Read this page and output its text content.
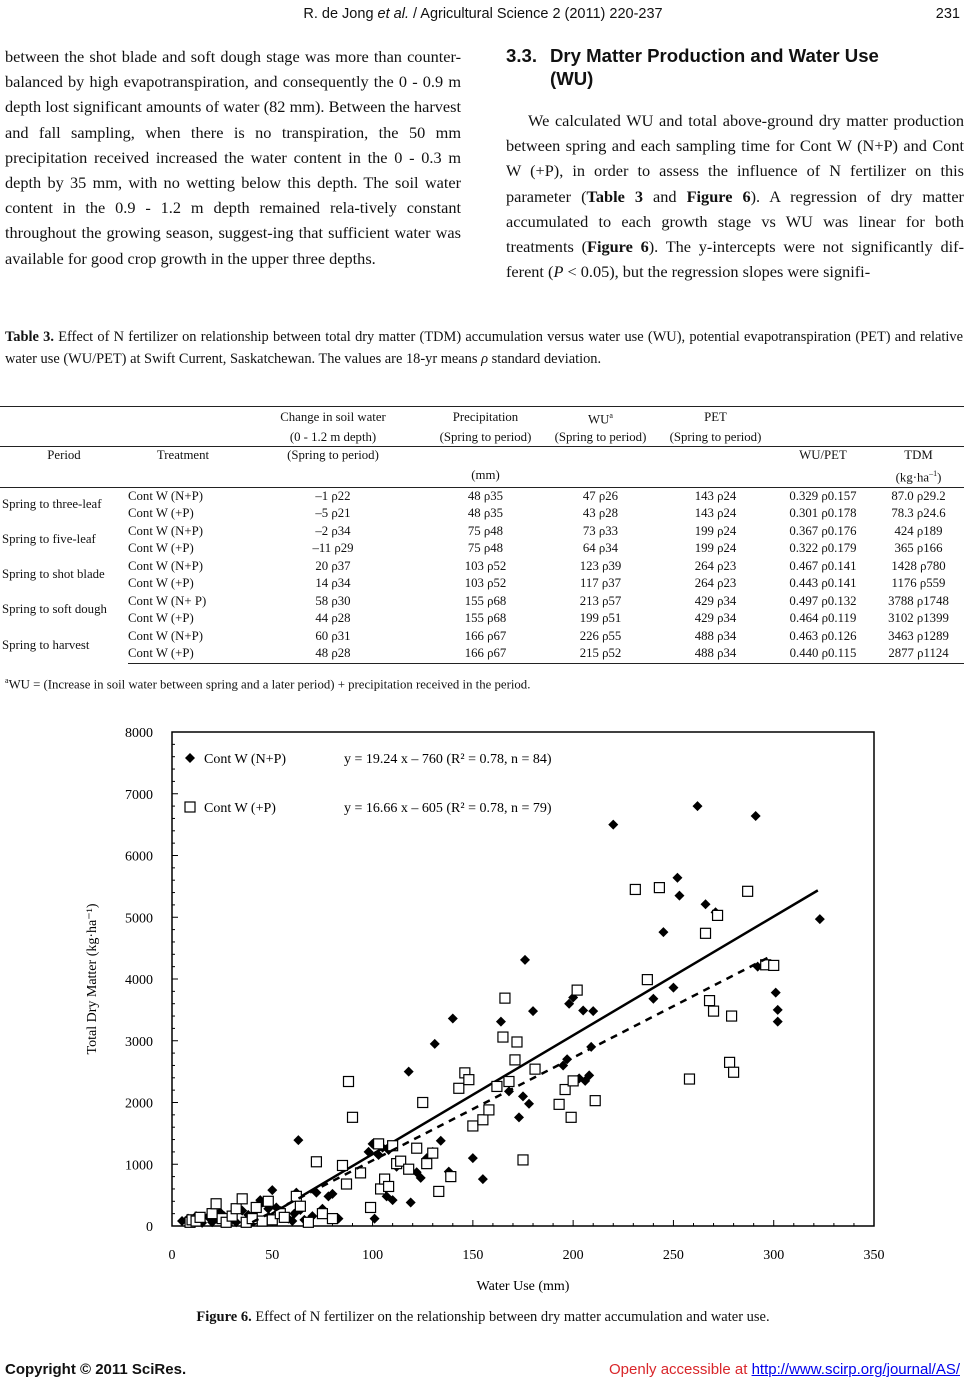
R. de Jong et al. / Agricultural Science 2 (2011) 220-237	231

between the shot blade and soft dough stage was more than counter-balanced by high evapotranspiration, and consequently the 0 - 0.9 m depth lost significant amounts of water (82 mm). Between the harvest and fall sampling, when there is no transpiration, the 50 mm precipitation received increased the water content in the 0 - 0.3 m depth by 35 mm, with no wetting below this depth. The soil water content in the 0.9 - 1.2 m depth remained rela-tively constant throughout the growing season, suggest-ing that sufficient water was available for good crop growth in the upper three depths.

3.3. Dry Matter Production and Water Use
(WU)

We calculated WU and total above-ground dry matter production between spring and each sampling time for Cont W (N+P) and Cont W (+P), in order to assess the influence of N fertilizer on this parameter (Table 3 and Figure 6). A regression of dry matter accumulated to each growth stage vs WU was linear for both treatments (Figure 6). The y-intercepts were not significantly dif-ferent (P < 0.05), but the regression slopes were signifi-

Table 3. Effect of N fertilizer on relationship between total dry matter (TDM) accumulation versus water use (WU), potential evapotranspiration (PET) and relative water use (WU/PET) at Swift Current, Saskatchewan. The values are 18-yr means ρ standard deviation.
		Change in soil water	Precipitation	$WU^a$	PET		
		(0 - 1.2 m depth)	(Spring to period)	(Spring to period)	(Spring to period)		
Period	Treatment	(Spring to period)				WU/PET	TDM
			(mm)				$(kg\cdot ha^{-1})$
Spring to three-leaf	Cont W (N+P)	–1 ρ22	48 ρ35	47 ρ26	143 ρ24	0.329 ρ0.157	87.0 ρ29.2
	Cont W (+P)	–5 ρ21	48 ρ35	43 ρ28	143 ρ24	0.301 ρ0.178	78.3 ρ24.6
Spring to five-leaf	Cont W (N+P)	–2 ρ34	75 ρ48	73 ρ33	199 ρ24	0.367 ρ0.176	424 ρ189
	Cont W (+P)	–11 ρ29	75 ρ48	64 ρ34	199 ρ24	0.322 ρ0.179	365 ρ166
Spring to shot blade	Cont W (N+P)	20 ρ37	103 ρ52	123 ρ39	264 ρ23	0.467 ρ0.141	1428 ρ780
	Cont W (+P)	14 ρ34	103 ρ52	117 ρ37	264 ρ23	0.443 ρ0.141	1176 ρ559
Spring to soft dough	Cont W (N+ P)	58 ρ30	155 ρ68	213 ρ57	429 ρ34	0.497 ρ0.132	3788 ρ1748
	Cont W (+P)	44 ρ28	155 ρ68	199 ρ51	429 ρ34	0.464 ρ0.119	3102 ρ1399
Spring to harvest	Cont W (N+P)	60 ρ31	166 ρ67	226 ρ55	488 ρ34	0.463 ρ0.126	3463 ρ1289
	Cont W (+P)	48 ρ28	166 ρ67	215 ρ52	488 ρ34	0.440 ρ0.115	2877 ρ1124
$^a$WU = (Increase in soil water between spring and a later period) + precipitation received in the period.
0
1000
2000
3000
4000
5000
6000
7000
8000
0	50	100	150	200	250	300	350
Water Use (mm)
Total Dry Matter (kg·ha⁻¹)
Cont W (N+P)
Cont W (+P)
y = 19.24 x – 760 (R² = 0.78, n = 84)
y = 16.66 x – 605 (R² = 0.78, n = 79)
Figure 6. Effect of N fertilizer on the relationship between dry matter accumulation and water use.
Copyright © 2011 SciRes.	Openly accessible at http://www.scirp.org/journal/AS/
